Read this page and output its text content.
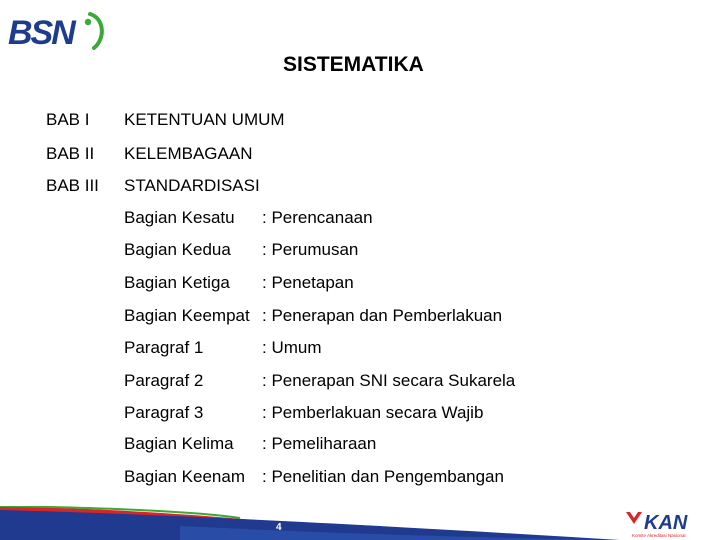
BSN
SISTEMATIKA
BAB I KETENTUAN UMUM
BAB II KELEMBAGAAN
BAB III STANDARDISASI
Bagian Kesatu : Perencanaan
Bagian Kedua : Perumusan
Bagian Ketiga : Penetapan
Bagian Keempat : Penerapan dan Pemberlakuan
Paragraf 1	: Umum
Paragraf 2	: Penerapan SNI secara Sukarela
Paragraf 3	: Pemberlakuan secara Wajib
Bagian Kelima : Pemeliharaan
Bagian Keenam : Penelitian dan Pengembangan
4	KAN
Komite Akreditasi Nasional
